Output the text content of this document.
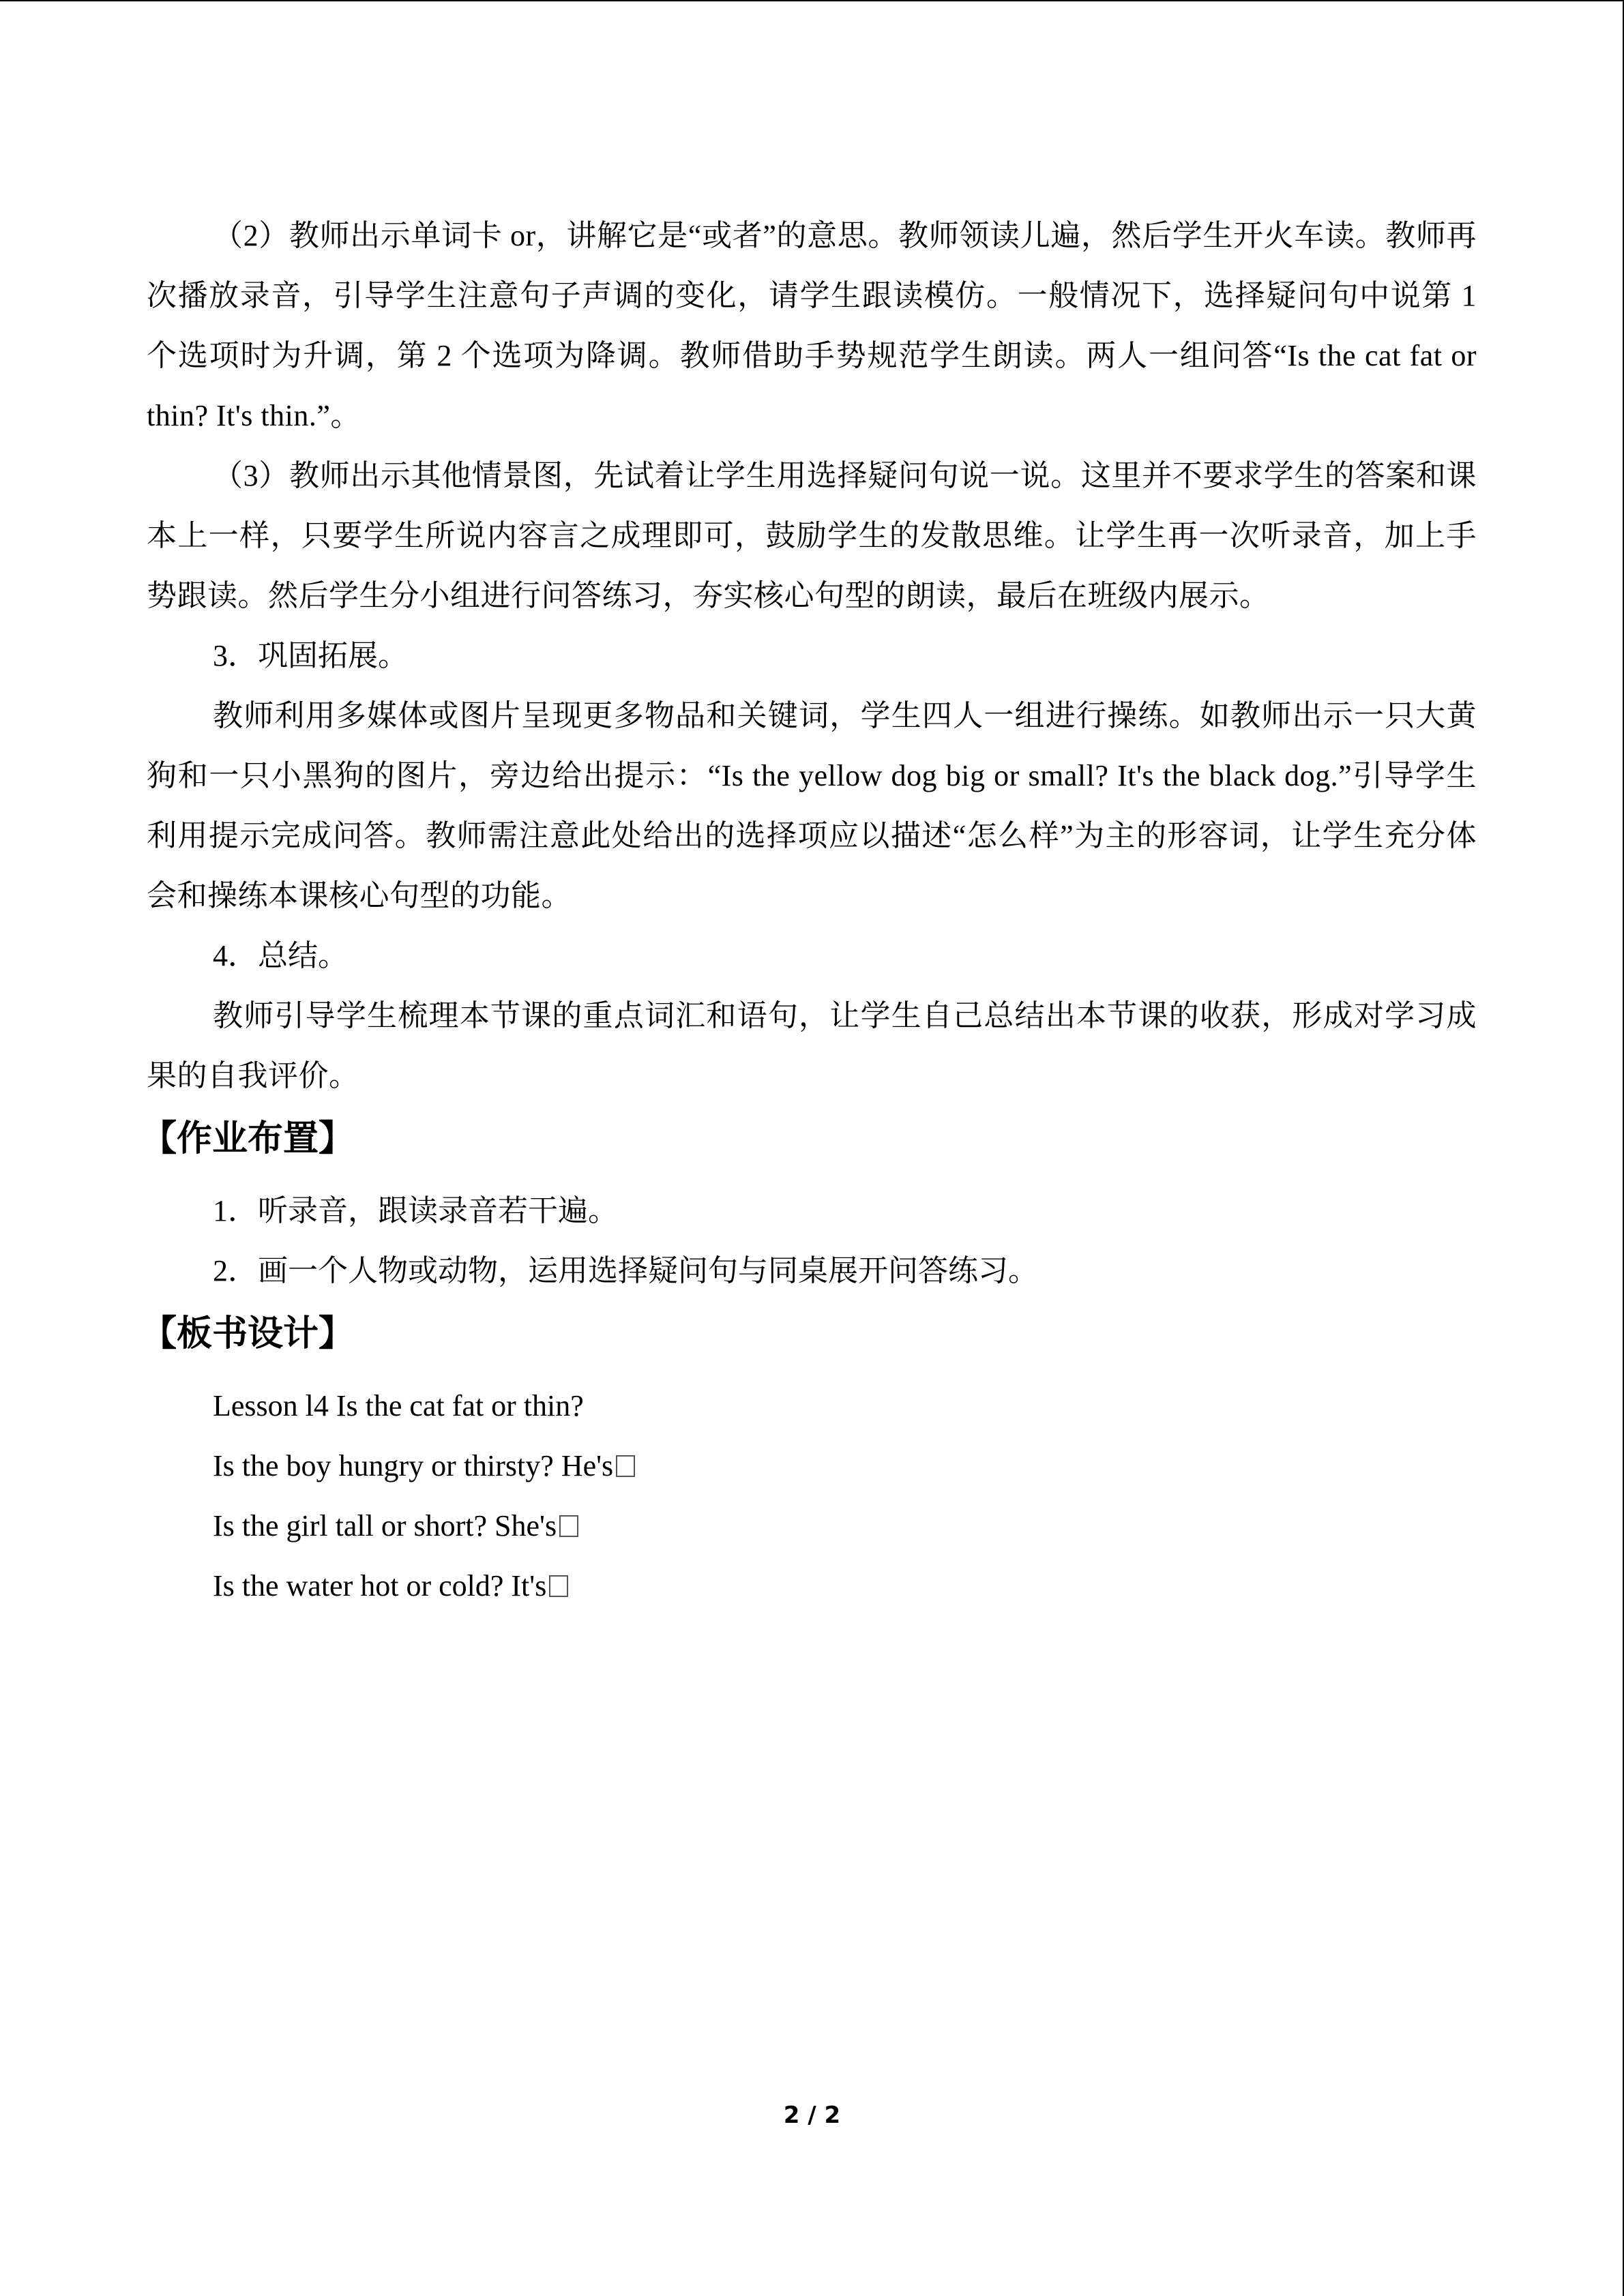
（2）教师出示单词卡 or，讲解它是“或者”的意思。教师领读儿遍，然后学生开火车读。教师再次播放录音，引导学生注意句子声调的变化，请学生跟读模仿。一般情况下，选择疑问句中说第 1 个选项时为升调，第 2 个选项为降调。教师借助手势规范学生朗读。两人一组问答“Is the cat fat or thin? It's thin.”。

（3）教师出示其他情景图，先试着让学生用选择疑问句说一说。这里并不要求学生的答案和课本上一样，只要学生所说内容言之成理即可，鼓励学生的发散思维。让学生再一次听录音，加上手势跟读。然后学生分小组进行问答练习，夯实核心句型的朗读，最后在班级内展示。

3．巩固拓展。

教师利用多媒体或图片呈现更多物品和关键词，学生四人一组进行操练。如教师出示一只大黄狗和一只小黑狗的图片，旁边给出提示：“Is the yellow dog big or small? It's the black dog.”引导学生利用提示完成问答。教师需注意此处给出的选择项应以描述“怎么样”为主的形容词，让学生充分体会和操练本课核心句型的功能。

4．总结。

教师引导学生梳理本节课的重点词汇和语句，让学生自己总结出本节课的收获，形成对学习成果的自我评价。

【作业布置】

1．听录音，跟读录音若干遍。

2．画一个人物或动物，运用选择疑问句与同桌展开问答练习。

【板书设计】

Lesson l4 Is the cat fat or thin?

Is the boy hungry or thirsty? He's

Is the girl tall or short? She's

Is the water hot or cold? It's

2 / 2
